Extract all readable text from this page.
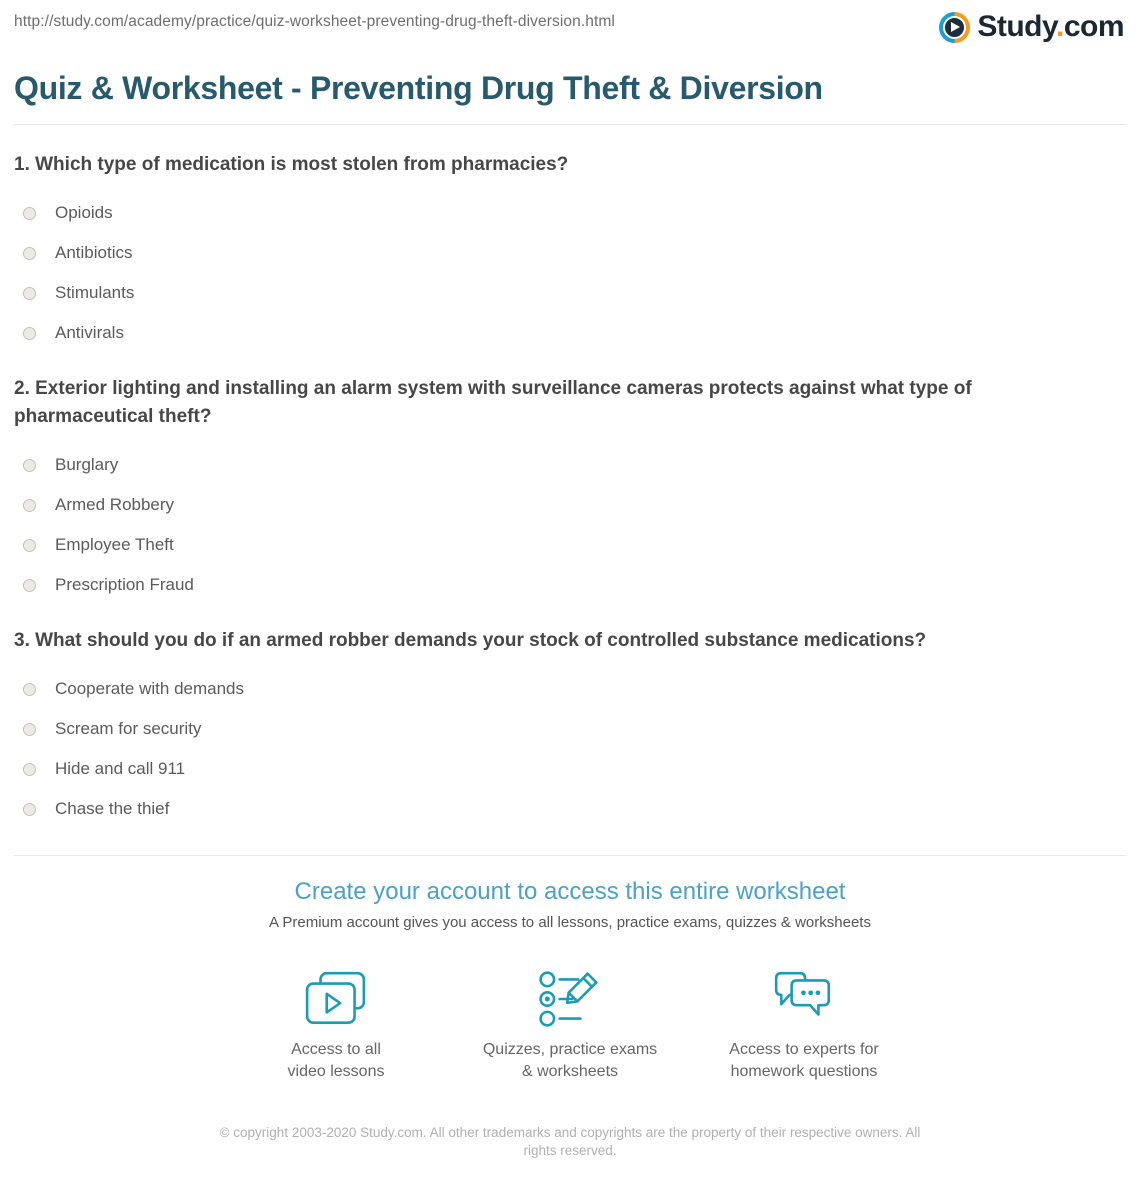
http://study.com/academy/practice/quiz-worksheet-preventing-drug-theft-diversion.html	Study.com
Quiz & Worksheet - Preventing Drug Theft & Diversion
1. Which type of medication is most stolen from pharmacies?
Opioids
Antibiotics
Stimulants
Antivirals
2. Exterior lighting and installing an alarm system with surveillance cameras protects against what type of pharmaceutical theft?
Burglary
Armed Robbery
Employee Theft
Prescription Fraud
3. What should you do if an armed robber demands your stock of controlled substance medications?
Cooperate with demands
Scream for security
Hide and call 911
Chase the thief
Create your account to access this entire worksheet
A Premium account gives you access to all lessons, practice exams, quizzes & worksheets
Access to all
video lessons
Quizzes, practice exams
& worksheets
Access to experts for
homework questions

© copyright 2003-2020 Study.com. All other trademarks and copyrights are the property of their respective owners. All rights reserved.
